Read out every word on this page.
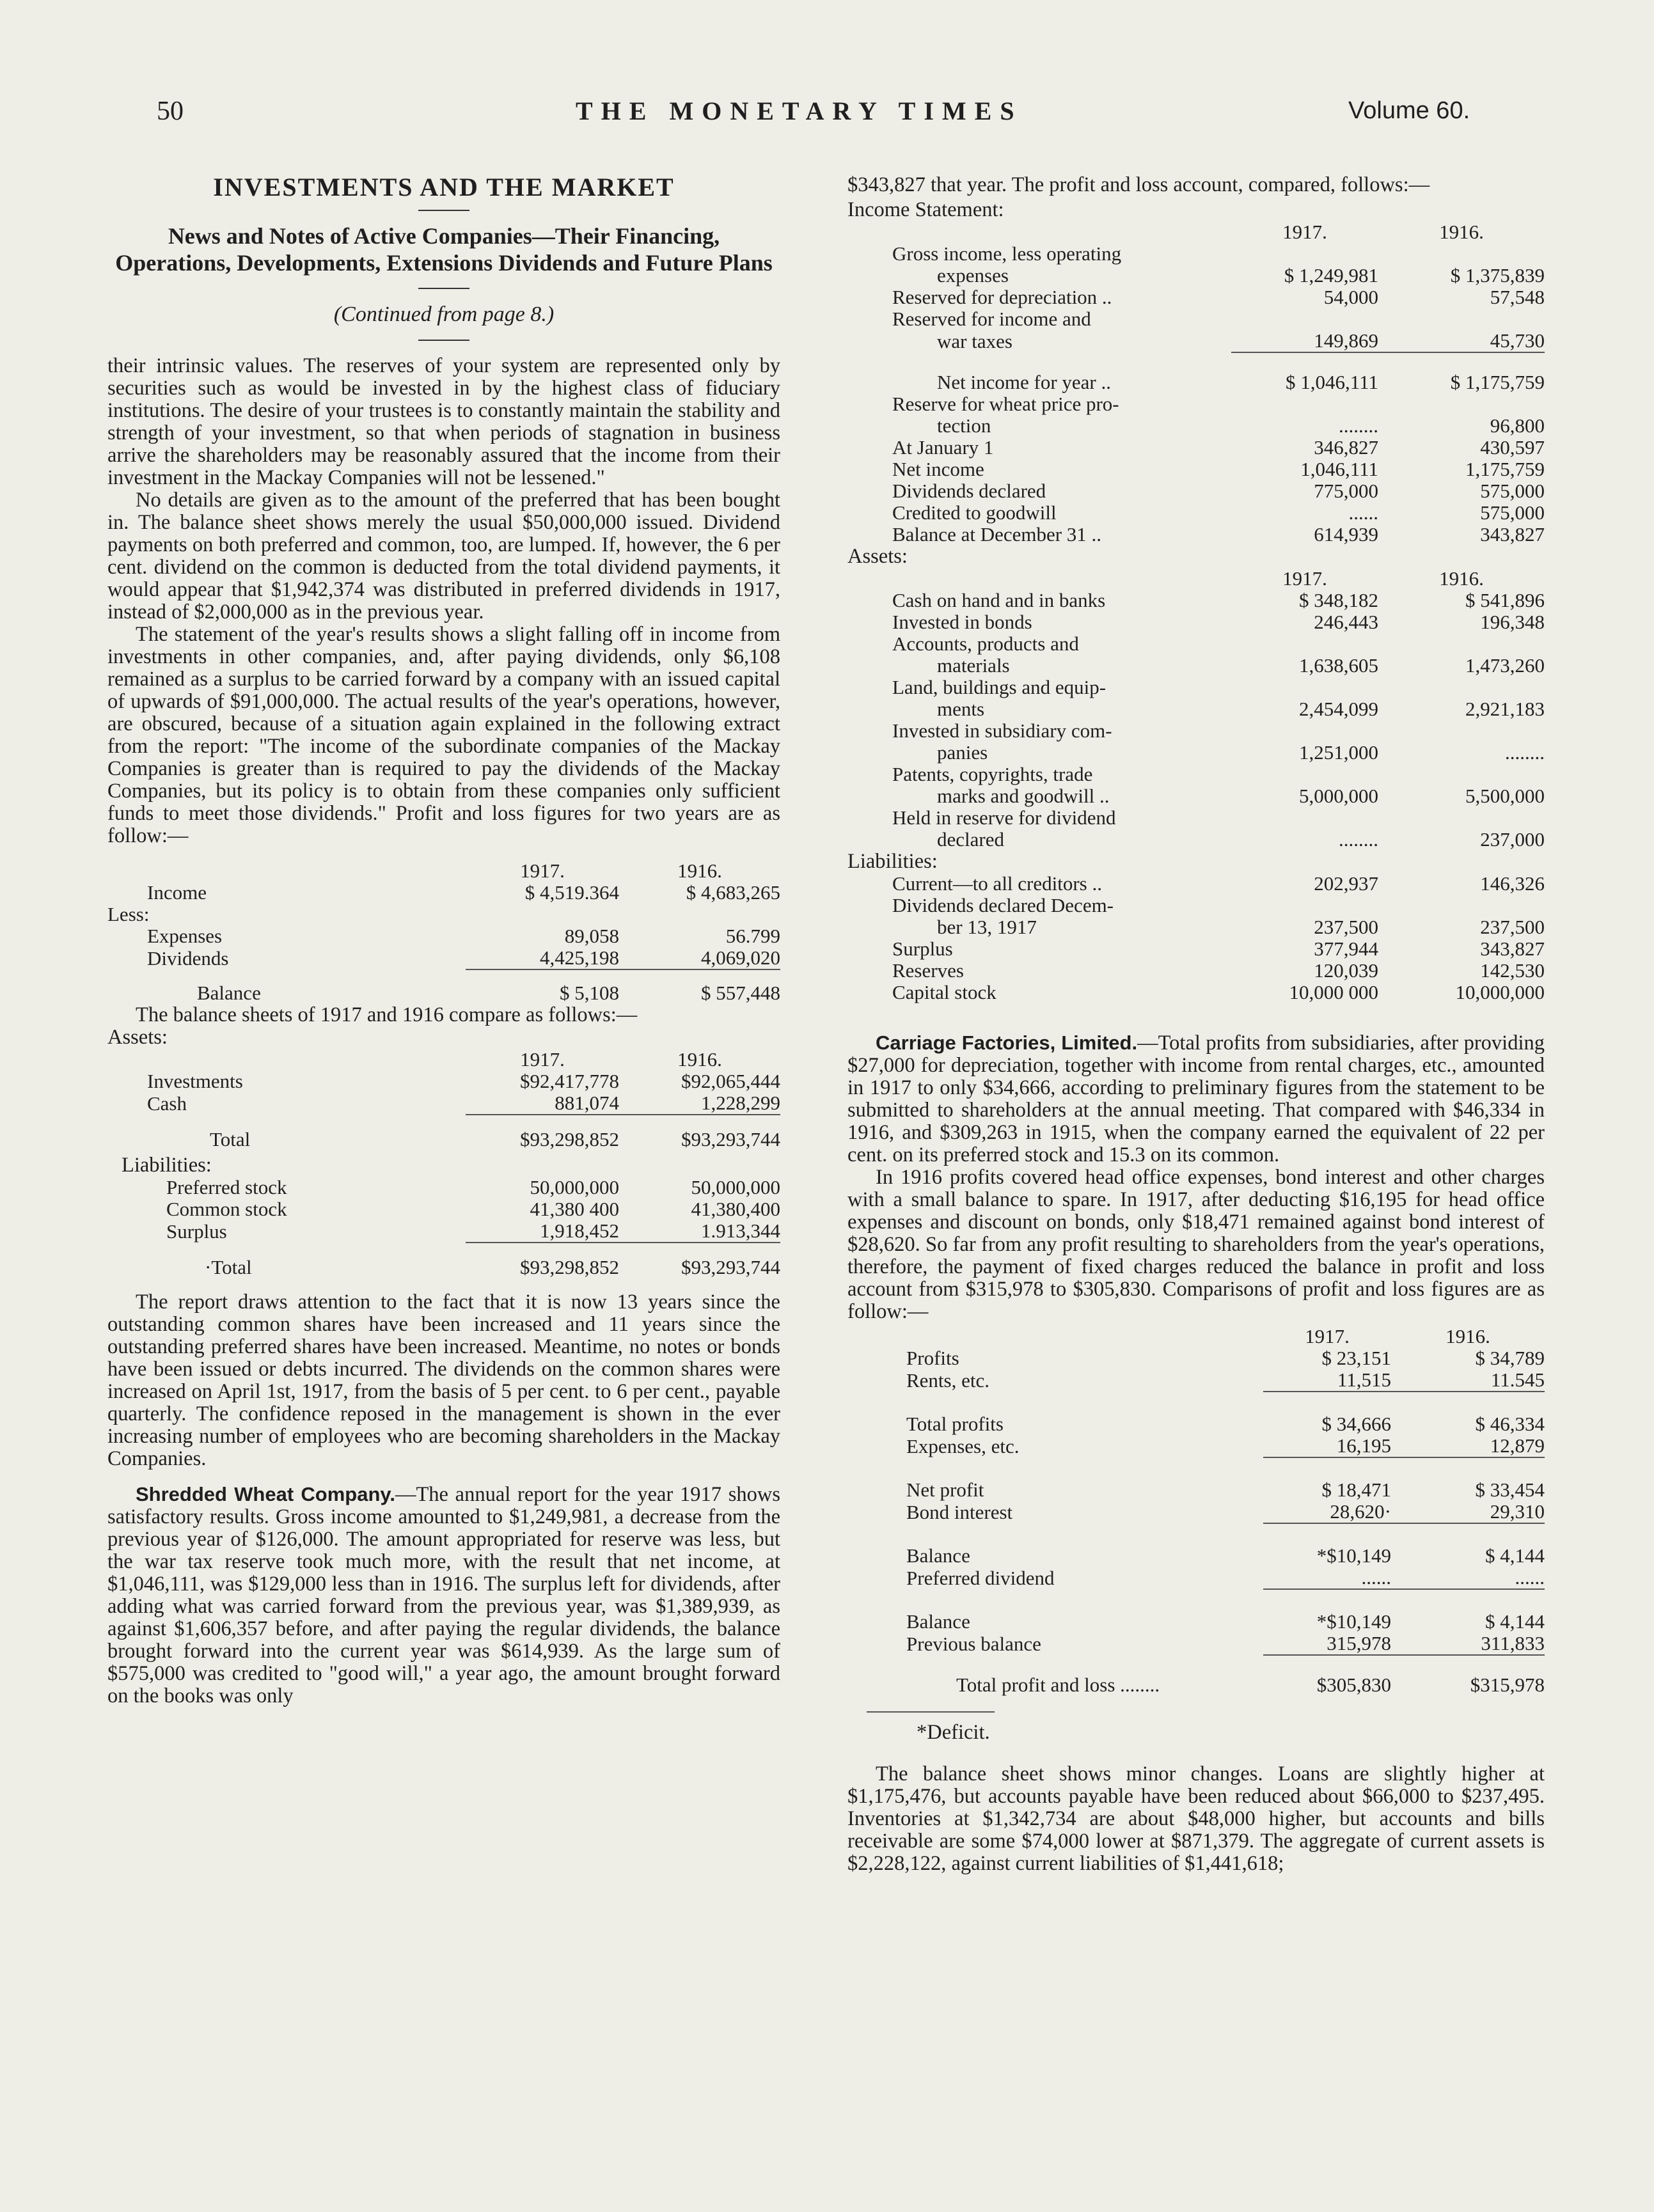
50	THE MONETARY TIMES	Volume 60.
INVESTMENTS AND THE MARKET
News and Notes of Active Companies—Their Financing, Operations, Developments, Extensions Dividends and Future Plans
(Continued from page 8.)

their intrinsic values. The reserves of your system are represented only by securities such as would be invested in by the highest class of fiduciary institutions. The desire of your trustees is to constantly maintain the stability and strength of your investment, so that when periods of stagnation in business arrive the shareholders may be reasonably assured that the income from their investment in the Mackay Companies will not be lessened."

No details are given as to the amount of the preferred that has been bought in. The balance sheet shows merely the usual $50,000,000 issued. Dividend payments on both preferred and common, too, are lumped. If, however, the 6 per cent. dividend on the common is deducted from the total dividend payments, it would appear that $1,942,374 was distributed in preferred dividends in 1917, instead of $2,000,000 as in the previous year.

The statement of the year's results shows a slight falling off in income from investments in other companies, and, after paying dividends, only $6,108 remained as a surplus to be carried forward by a company with an issued capital of upwards of $91,000,000. The actual results of the year's operations, however, are obscured, because of a situation again explained in the following extract from the report: "The income of the subordinate companies of the Mackay Companies is greater than is required to pay the dividends of the Mackay Companies, but its policy is to obtain from these companies only sufficient funds to meet those dividends." Profit and loss figures for two years are as follow:—

	1917.	1916.
Income	$ 4,519.364	$ 4,683,265
Less:		
Expenses	89,058	56.799
Dividends	4,425,198	4,069,020
Balance	$ 5,108	$ 557,448

The balance sheets of 1917 and 1916 compare as follows:—

Assets:
	1917.	1916.
Investments	$92,417,778	$92,065,444
Cash	881,074	1,228,299
Total	$93,298,852	$93,293,744
Liabilities:
Preferred stock	50,000,000	50,000,000
Common stock	41,380 400	41,380,400
Surplus	1,918,452	1.913,344
·Total	$93,298,852	$93,293,744

The report draws attention to the fact that it is now 13 years since the outstanding common shares have been increased and 11 years since the outstanding preferred shares have been increased. Meantime, no notes or bonds have been issued or debts incurred. The dividends on the common shares were increased on April 1st, 1917, from the basis of 5 per cent. to 6 per cent., payable quarterly. The confidence reposed in the management is shown in the ever increasing number of employees who are becoming shareholders in the Mackay Companies.

Shredded Wheat Company.—The annual report for the year 1917 shows satisfactory results. Gross income amounted to $1,249,981, a decrease from the previous year of $126,000. The amount appropriated for reserve was less, but the war tax reserve took much more, with the result that net income, at $1,046,111, was $129,000 less than in 1916. The surplus left for dividends, after adding what was carried forward from the previous year, was $1,389,939, as against $1,606,357 before, and after paying the regular dividends, the balance brought forward into the current year was $614,939. As the large sum of $575,000 was credited to "good will," a year ago, the amount brought forward on the books was only

$343,827 that year. The profit and loss account, compared, follows:—

Income Statement:
	1917.	1916.
Gross income, less operating		
expenses	$ 1,249,981	$ 1,375,839
Reserved for depreciation ..	54,000	57,548
Reserved for income and		
war taxes	149,869	45,730
Net income for year ..	$ 1,046,111	$ 1,175,759
Reserve for wheat price pro-		
tection	........	96,800
At January 1	346,827	430,597
Net income	1,046,111	1,175,759
Dividends declared	775,000	575,000
Credited to goodwill	......	575,000
Balance at December 31 ..	614,939	343,827
Assets:
	1917.	1916.
Cash on hand and in banks	$ 348,182	$ 541,896
Invested in bonds	246,443	196,348
Accounts, products and		
materials	1,638,605	1,473,260
Land, buildings and equip-		
ments	2,454,099	2,921,183
Invested in subsidiary com-		
panies	1,251,000	........
Patents, copyrights, trade		
marks and goodwill ..	5,000,000	5,500,000
Held in reserve for dividend		
declared	........	237,000
Liabilities:
Current—to all creditors ..	202,937	146,326
Dividends declared Decem-		
ber 13, 1917	237,500	237,500
Surplus	377,944	343,827
Reserves	120,039	142,530
Capital stock	10,000 000	10,000,000

Carriage Factories, Limited.—Total profits from subsidiaries, after providing $27,000 for depreciation, together with income from rental charges, etc., amounted in 1917 to only $34,666, according to preliminary figures from the statement to be submitted to shareholders at the annual meeting. That compared with $46,334 in 1916, and $309,263 in 1915, when the company earned the equivalent of 22 per cent. on its preferred stock and 15.3 on its common.

In 1916 profits covered head office expenses, bond interest and other charges with a small balance to spare. In 1917, after deducting $16,195 for head office expenses and discount on bonds, only $18,471 remained against bond interest of $28,620. So far from any profit resulting to shareholders from the year's operations, therefore, the payment of fixed charges reduced the balance in profit and loss account from $315,978 to $305,830. Comparisons of profit and loss figures are as follow:—

	1917.	1916.
Profits	$ 23,151	$ 34,789
Rents, etc.	11,515	11.545
Total profits	$ 34,666	$ 46,334
Expenses, etc.	16,195	12,879
Net profit	$ 18,471	$ 33,454
Bond interest	28,620·	29,310
Balance	*$10,149	$ 4,144
Preferred dividend	......	......
Balance	*$10,149	$ 4,144
Previous balance	315,978	311,833
Total profit and loss ........	$305,830	$315,978
*Deficit.

The balance sheet shows minor changes. Loans are slightly higher at $1,175,476, but accounts payable have been reduced about $66,000 to $237,495. Inventories at $1,342,734 are about $48,000 higher, but accounts and bills receivable are some $74,000 lower at $871,379. The aggregate of current assets is $2,228,122, against current liabilities of $1,441,618;
